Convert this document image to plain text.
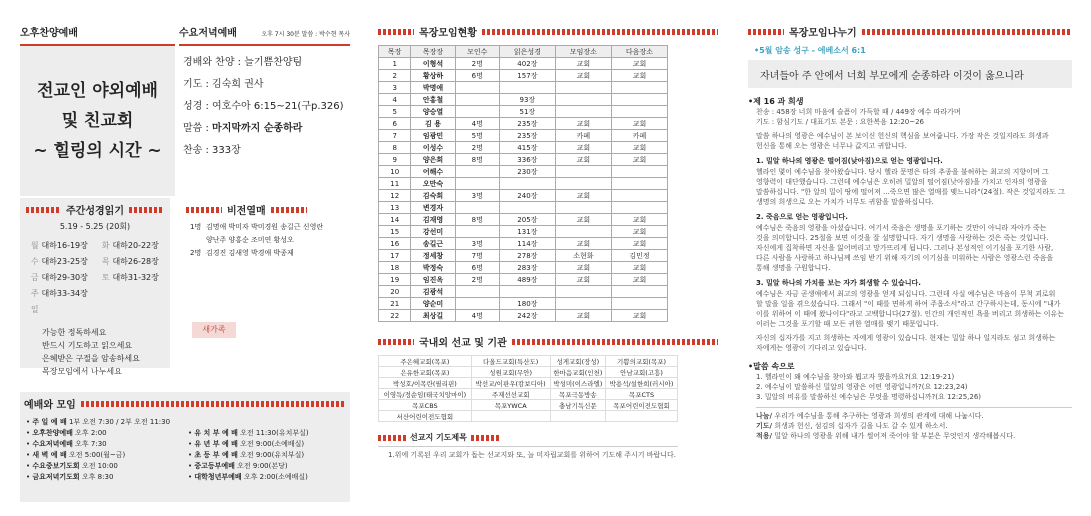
오후찬양예배
전교인 야외예배
및 친교회
~ 힐링의 시간 ~
수요저녁예배	오후 7시 30분 말씀 : 박수현 목사
경배와 찬양 : 늘기쁨찬양팀
기도 : 김숙희 권사
성경 : 여호수아 6:15~21(구p.326)
말씀 : 마지막까지 순종하라
찬송 : 333장
주간성경읽기
5.19 - 5.25 (20회)
월 대하16-19장	화 대하20-22장
수 대하23-25장	목 대하26-28장
금 대하29-30장	토 대하31-32장
주일
대하33-34장
가능한 정독하세요
반드시 기도하고 읽으세요
은혜받은 구절을 암송하세요
목장모임에서 나누세요
비전열매
1명 김명애 박미자 박미경원 송길근 신영란
양난주 양홍순 조미연 황성오
2명 김경진 김새영 박경애 박종제
새가족
예배와 모임
• 주 일 예 배 1부 오전 7:30 / 2부 오전 11:30
• 오후찬양예배 오후 2:00
• 수요저녁예배 오후 7:30
• 새 벽 예 배 오전 5:00(월~금)
• 수요중보기도회 오전 10:00
• 금요저녁기도회 오후 8:30
• 유 치 부 예 배 오전 11:30(유치부실)
• 유 년 부 예 배 오전 9:00(소예배실)
• 초 등 부 예 배 오전 9:00(유치부실)
• 중고등부예배 오전 9:00(본당)
• 대학청년부예배 오후 2:00(소예배실)
목장모임현황
목장	목장장	모인수	읽은성경	모임장소	다음장소
1	이형석	2명	402장	교회	교회
2	황상하	6명	157장	교회	교회
3	박명애				
4	안홍철		93장		
5	양승열		51장		
6	김 용	4명	235장	교회	교회
7	임광민	5명	235장	카페	카페
8	이성수	2명	415장	교회	교회
9	양은희	8명	336장	교회	교회
10	어해수		230장		
11	오만숙				
12	김숙희	3명	240장	교회	
13	변경자				
14	김재영	8명	205장	교회	교회
15	강선미		131장		교회
16	송길근	3명	114장	교회	교회
17	정세창	7명	278장	소현화	김민정
18	박정숙	6명	283장	교회	교회
19	임진옥	2명	489장	교회	교회
20	김광석				
21	양순미		180장		
22	최상길	4명	242장	교회	교회
국내외 선교 및 기관
주은혜교회(목포)	다올드교회(특산도)	성게교회(장성)	기쁨의교회(목포)
은유한교회(목포)	성원교회(무안)	한마음교회(인천)	안남교회(고흥)
박성호/이목란(필리핀)	박선교/이판우(캄보디아)	박성미(이스라엘)	박용석/설한희(러시아)
이영득/정순임(태국치앙마이)	주재선선교회	목포극동방송	목포CTS
목포CBS	목포YWCA	충남기독신문	목포어린이전도협회
서산어린이전도협회			
선교지 기도제목
1.위에 기록된 우리 교회가 돕는 선교지와 또, 늘 미자립교회를 위하여 기도해 주시기 바랍니다.
목장모임나누기
•5월 암송 성구 - 에베소서 6:1
자녀들아 주 안에서 너희 부모에게 순종하라 이것이 옳으니라
•제 16 과 희생
찬송 : 458장 너희 마음에 슬픔이 가득할 때 / 449장 예수 따라가며
기도 : 함심기도 / 대표기도 본문 : 요한복음 12:20~26
말씀 하나의 영광은 예수님이 본 보이신 헌신의 핵심을 보여줍니다. 가장 작은 것일지라도 희생과
헌신을 통해 오는 영광은 너무나 값지고 귀합니다.
1. 밀알 하나의 영광은 떨어짐(낮아짐)으로 얻는 영광입니다.
헬라인 몇이 예수님을 찾아왔습니다. 당시 헬라 문명은 타의 추종을 불허하는 최고의 지향이며 그
영향력이 대단했습니다. 그런데 예수님은 오히려 밀알의 떨어짐(낮아짐)을 가치고 인자의 영광을
말씀하십니다. "한 알의 밀이 땅에 떨어져 ...죽으면 많은 열매를 맺느니라"(24절). 작은 것일지라도 그
생명의 희생으로 오는 가치가 너무도 귀함을 말씀하십니다.
2. 죽음으로 얻는 영광입니다.
예수님은 죽음의 영광을 아셨습니다. 여기서 죽음은 생명을 포기하는 것만이 아니라 자아가 죽는
것을 의미합니다. 25절을 보면 이것을 잘 설명합니다. 자기 생명을 사랑하는 것은 죽는 것입니다.
자신에게 집착하면 자신을 잃어버리고 망가뜨리게 됩니다. 그러나 본성적인 이기심을 포기한 사람,
다른 사람을 사랑하고 하나님께 쓰임 받기 위해 자기의 이기심을 미워하는 사람은 영광스런 죽음을
통해 생명을 구원합니다.
3. 밀알 하나의 가치를 보는 자가 희생할 수 있습니다.
예수님은 자금 곧생애에서 최고의 영광을 얻게 되십니다. 그런데 사실 예수님은 마음이 무척 괴로워
할 말을 일을 겪으셨습니다. 그래서 "이 때를 면하게 하여 주옵소서"라고 간구하시는데, 동시에 "내가
이를 위하여 이 때에 왔나이다"라고 고백합니다(27절). 인간의 개인적인 욕을 버리고 희생하는 이유는
이러는 그것을 포기할 때 모든 귀한 열매를 맺기 때문입니다.
자신의 십자가를 지고 희생하는 자에게 영광이 있습니다. 현재는 밀알 하나 일지라도 섬고 희생하는
자에게는 영광이 기다리고 있습니다.
•말씀 속으로
1. 헬라인이 왜 예수님을 찾아와 뵙고자 했을까요?(요 12:19-21)
2. 예수님이 말씀하신 밀알의 영광은 어떤 영광입니까?(요 12:23,24)
3. 밀알의 비유를 말씀하신 예수님은 무엇을 명령하십니까?(요 12:25,26)
나눔/ 우리가 예수님을 통해 추구하는 영광과 희생의 관계에 대해 나눕시다.
기도/ 희생과 헌신, 섬김의 십자가 길을 나도 갈 수 있게 하소서.
적용/ 밀알 하나의 영광을 위해 내가 썰어져 죽어야 할 부분은 무엇인지 생각해봅시다.
